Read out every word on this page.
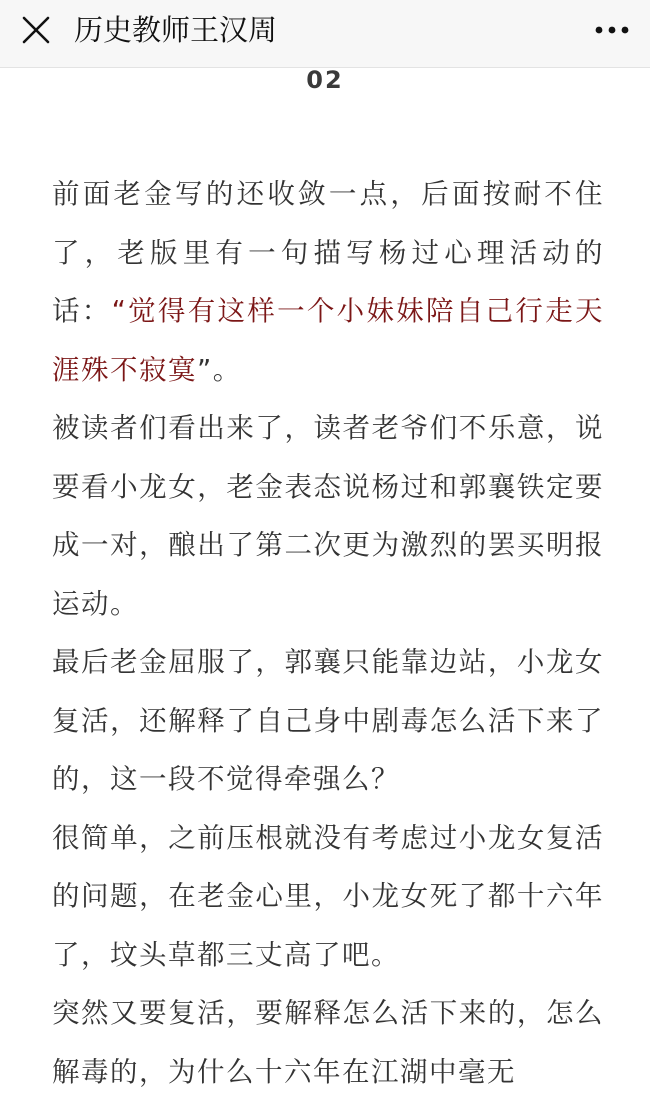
历史教师王汉周
02

前面老金写的还收敛一点，后面按耐不住了，老版里有一句描写杨过心理活动的话：“觉得有这样一个小妹妹陪自己行走天涯殊不寂寞”。

被读者们看出来了，读者老爷们不乐意，说要看小龙女，老金表态说杨过和郭襄铁定要成一对，酿出了第二次更为激烈的罢买明报运动。

最后老金屈服了，郭襄只能靠边站，小龙女复活，还解释了自己身中剧毒怎么活下来了的，这一段不觉得牵强么？

很简单，之前压根就没有考虑过小龙女复活的问题，在老金心里，小龙女死了都十六年了，坟头草都三丈高了吧。

突然又要复活，要解释怎么活下来的，怎么解毒的，为什么十六年在江湖中毫无
